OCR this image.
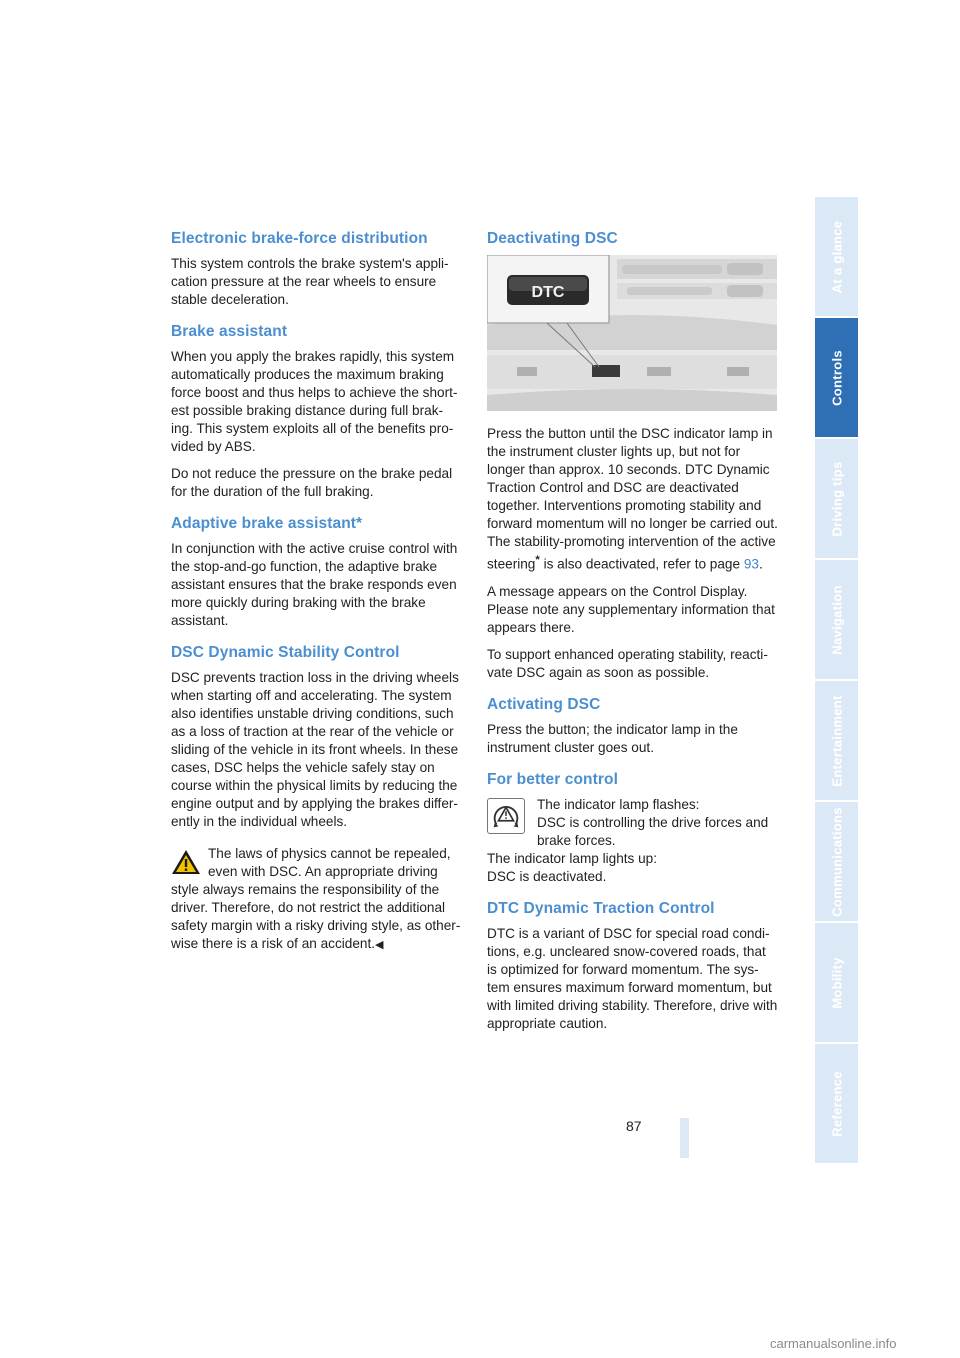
Electronic brake-force distribution

This system controls the brake system's appli-cation pressure at the rear wheels to ensure stable deceleration.

Brake assistant

When you apply the brakes rapidly, this system automatically produces the maximum braking force boost and thus helps to achieve the short-est possible braking distance during full brak-ing. This system exploits all of the benefits pro-vided by ABS.

Do not reduce the pressure on the brake pedal for the duration of the full braking.

Adaptive brake assistant*

In conjunction with the active cruise control with the stop-and-go function, the adaptive brake assistant ensures that the brake responds even more quickly during braking with the brake assistant.

DSC Dynamic Stability Control

DSC prevents traction loss in the driving wheels when starting off and accelerating. The system also identifies unstable driving conditions, such as a loss of traction at the rear of the vehicle or sliding of the vehicle in its front wheels. In these cases, DSC helps the vehicle safely stay on course within the physical limits by reducing the engine output and by applying the brakes differ-ently in the individual wheels.

The laws of physics cannot be repealed, even with DSC. An appropriate driving
style always remains the responsibility of the driver. Therefore, do not restrict the additional safety margin with a risky driving style, as other-wise there is a risk of an accident.◀

Deactivating DSC
DTC

Press the button until the DSC indicator lamp in the instrument cluster lights up, but not for longer than approx. 10 seconds. DTC Dynamic Traction Control and DSC are deactivated together. Interventions promoting stability and forward momentum will no longer be carried out. The stability-promoting intervention of the active steering* is also deactivated, refer to page 93.

A message appears on the Control Display. Please note any supplementary information that appears there.

To support enhanced operating stability, reacti-vate DSC again as soon as possible.

Activating DSC

Press the button; the indicator lamp in the instrument cluster goes out.

For better control

The indicator lamp flashes:

DSC is controlling the drive forces and brake forces.

The indicator lamp lights up:

DSC is deactivated.

DTC Dynamic Traction Control

DTC is a variant of DSC for special road condi-tions, e.g. uncleared snow-covered roads, that is optimized for forward momentum. The sys-tem ensures maximum forward momentum, but with limited driving stability. Therefore, drive with appropriate caution.

At a glance
Controls
Driving tips
Navigation
Entertainment
Communications
Mobility
Reference
87
carmanualsonline.info
